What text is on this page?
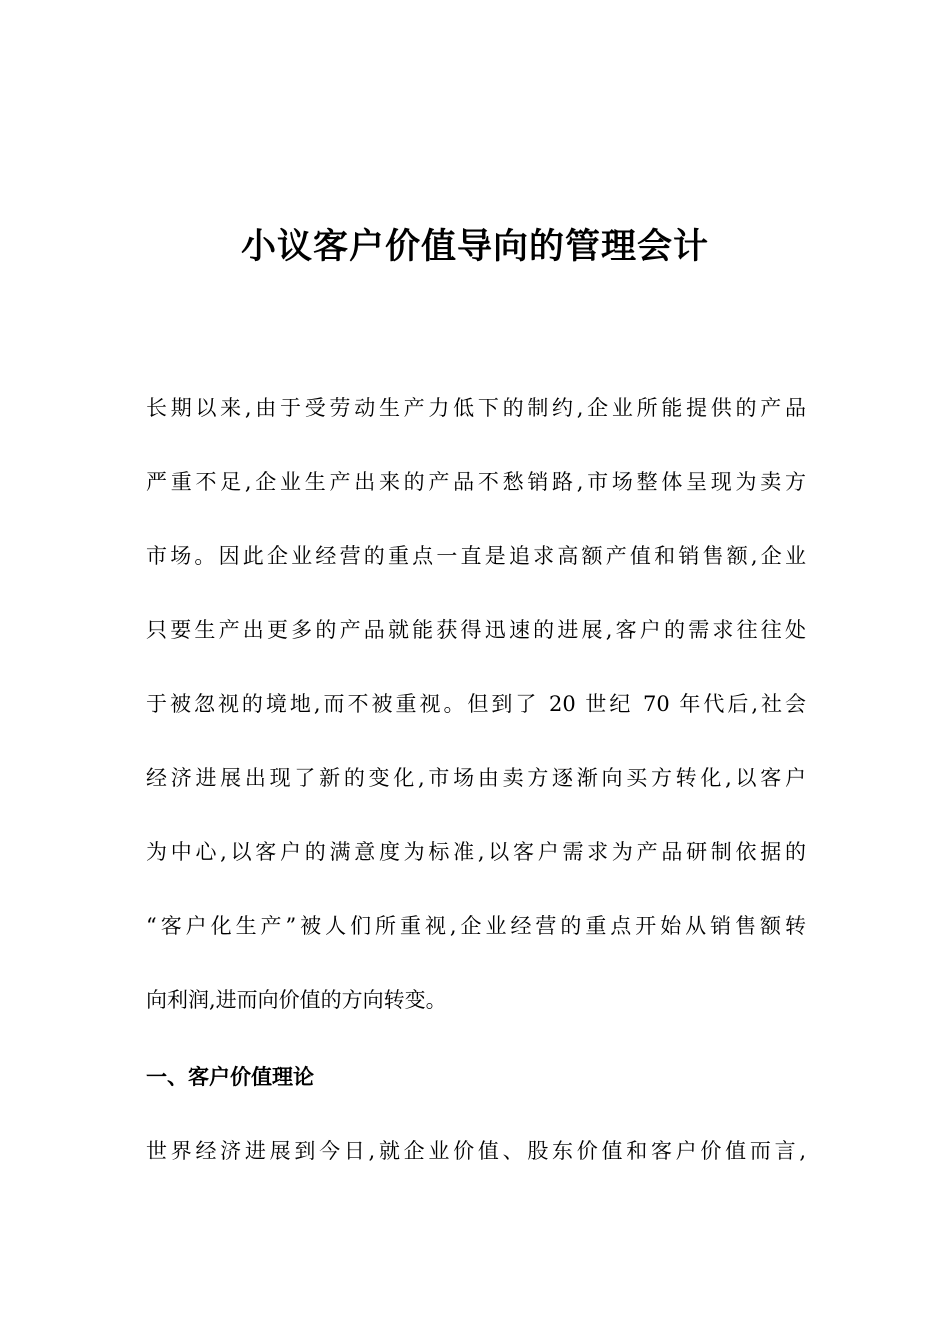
小议客户价值导向的管理会计
长期以来,由于受劳动生产力低下的制约,企业所能提供的产品
严重不足,企业生产出来的产品不愁销路,市场整体呈现为卖方
市场。因此企业经营的重点一直是追求高额产值和销售额,企业
只要生产出更多的产品就能获得迅速的进展,客户的需求往往处
于被忽视的境地,而不被重视。但到了 20 世纪 70 年代后,社会
经济进展出现了新的变化,市场由卖方逐渐向买方转化,以客户
为中心,以客户的满意度为标准,以客户需求为产品研制依据的
“客户化生产”被人们所重视,企业经营的重点开始从销售额转
向利润,进而向价值的方向转变。
一、客户价值理论
世界经济进展到今日,就企业价值、股东价值和客户价值而言,
